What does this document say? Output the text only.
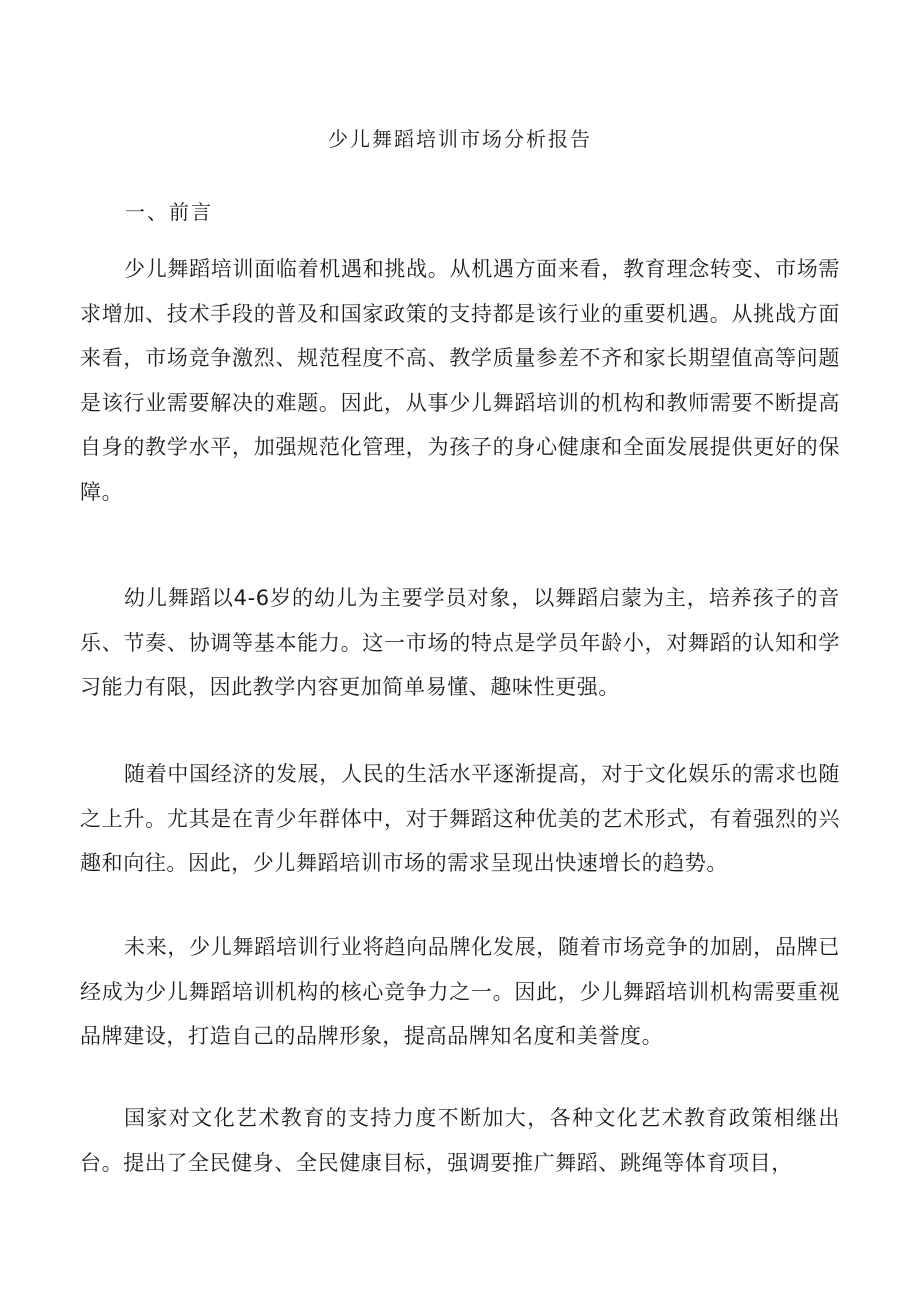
少儿舞蹈培训市场分析报告
一、前言

少儿舞蹈培训面临着机遇和挑战。从机遇方面来看，教育理念转变、市场需求增加、技术手段的普及和国家政策的支持都是该行业的重要机遇。从挑战方面来看，市场竞争激烈、规范程度不高、教学质量参差不齐和家长期望值高等问题是该行业需要解决的难题。因此，从事少儿舞蹈培训的机构和教师需要不断提高自身的教学水平，加强规范化管理，为孩子的身心健康和全面发展提供更好的保障。

幼儿舞蹈以4-6岁的幼儿为主要学员对象，以舞蹈启蒙为主，培养孩子的音乐、节奏、协调等基本能力。这一市场的特点是学员年龄小，对舞蹈的认知和学习能力有限，因此教学内容更加简单易懂、趣味性更强。

随着中国经济的发展，人民的生活水平逐渐提高，对于文化娱乐的需求也随之上升。尤其是在青少年群体中，对于舞蹈这种优美的艺术形式，有着强烈的兴趣和向往。因此，少儿舞蹈培训市场的需求呈现出快速增长的趋势。

未来，少儿舞蹈培训行业将趋向品牌化发展，随着市场竞争的加剧，品牌已经成为少儿舞蹈培训机构的核心竞争力之一。因此，少儿舞蹈培训机构需要重视品牌建设，打造自己的品牌形象，提高品牌知名度和美誉度。

国家对文化艺术教育的支持力度不断加大，各种文化艺术教育政策相继出台。提出了全民健身、全民健康目标，强调要推广舞蹈、跳绳等体育项目，
